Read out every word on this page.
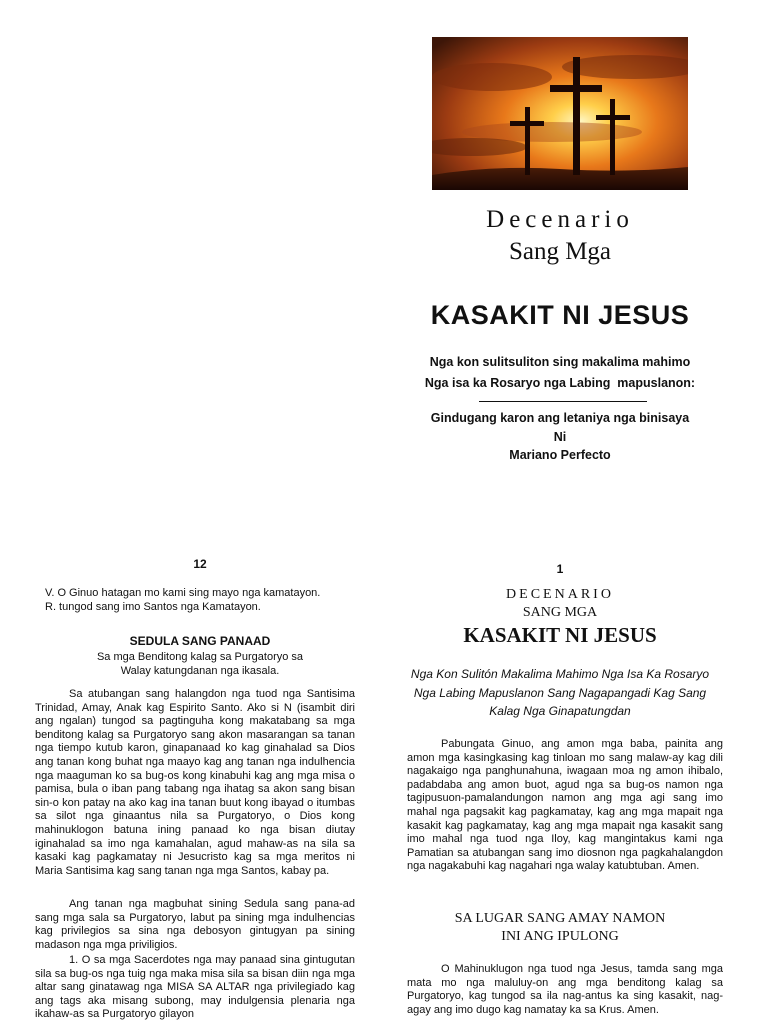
Decenario
Sang Mga
KASAKIT NI JESUS
Nga kon sulitsuliton sing makalima mahimo
Nga isa ka Rosaryo nga Labing  mapuslanon:
Gindugang karon ang letaniya nga binisaya
Ni
Mariano Perfecto
12
V. O Ginuo hatagan mo kami sing mayo nga kamatayon.
R. tungod sang imo Santos nga Kamatayon.
SEDULA SANG PANAAD
Sa mga Benditong kalag sa Purgatoryo sa
Walay katungdanan nga ikasala.
Sa atubangan sang halangdon nga tuod nga Santisima Trinidad, Amay, Anak kag Espirito Santo. Ako si N (isambit diri ang ngalan) tungod sa pagtinguha kong makatabang sa mga benditong kalag sa Purgatoryo sang akon masarangan sa tanan nga tiempo kutub karon, ginapanaad ko kag ginahalad sa Dios ang tanan kong buhat nga maayo kag ang tanan nga indulhencia nga maaguman ko sa bug-os kong kinabuhi kag ang mga misa o pamisa, bula o iban pang tabang nga ihatag sa akon sang bisan sin-o kon patay na ako kag ina tanan buut kong ibayad o itumbas sa silot nga ginaantus nila sa Purgatoryo, o Dios kong mahinuklogon batuna ining panaad ko nga bisan diutay iginahalad sa imo nga kamahalan, agud mahaw-as na sila sa kasaki kag pagkamatay ni Jesucristo kag sa mga meritos ni Maria Santisima kag sang tanan nga mga Santos, kabay pa.
Ang tanan nga magbuhat sining Sedula sang pana-ad sang mga sala sa Purgatoryo, labut pa sining mga indulhencias kag privilegios sa sina nga debosyon gintugyan pa sining madason nga mga priviligios.
1. O sa mga Sacerdotes nga may panaad sina gintugutan sila sa bug-os nga tuig nga maka misa sila sa bisan diin nga mga altar sang ginatawag nga MISA SA ALTAR nga privilegiado kag ang tags aka misang subong, may indulgensia plenaria nga ikahaw-as sa Purgatoryo gilayon
1
DECENARIO
SANG MGA
KASAKIT NI JESUS
Nga Kon Sulitón Makalima Mahimo Nga Isa Ka Rosaryo Nga Labing Mapuslanon Sang Nagapangadi Kag Sang Kalag Nga Ginapatungdan
Pabungata Ginuo, ang amon mga baba, painita ang amon mga kasingkasing kag tinloan mo sang malaw-ay kag dili nagakaigo nga panghunahuna, iwagaan moa ng amon ihibalo, padabdaba ang amon buot, agud nga sa bug-os namon nga tagipusuon-pamalandungon namon ang mga agi sang imo mahal nga pagsakit kag pagkamatay, kag ang mga mapait nga kasakit kag pagkamatay, kag ang mga mapait nga kasakit sang imo mahal nga tuod nga Iloy, kag mangintakus kami nga Pamatian sa atubangan sang imo diosnon nga pagkahalangdon nga nagakabuhi kag nagahari nga walay katubtuban. Amen.
SA LUGAR SANG AMAY NAMON
INI ANG IPULONG
O Mahinuklugon nga tuod nga Jesus, tamda sang mga mata mo nga maluluy-on ang mga benditong kalag sa Purgatoryo, kag tungod sa ila nag-antus ka sing kasakit, nag-agay ang imo dugo kag namatay ka sa Krus. Amen.
